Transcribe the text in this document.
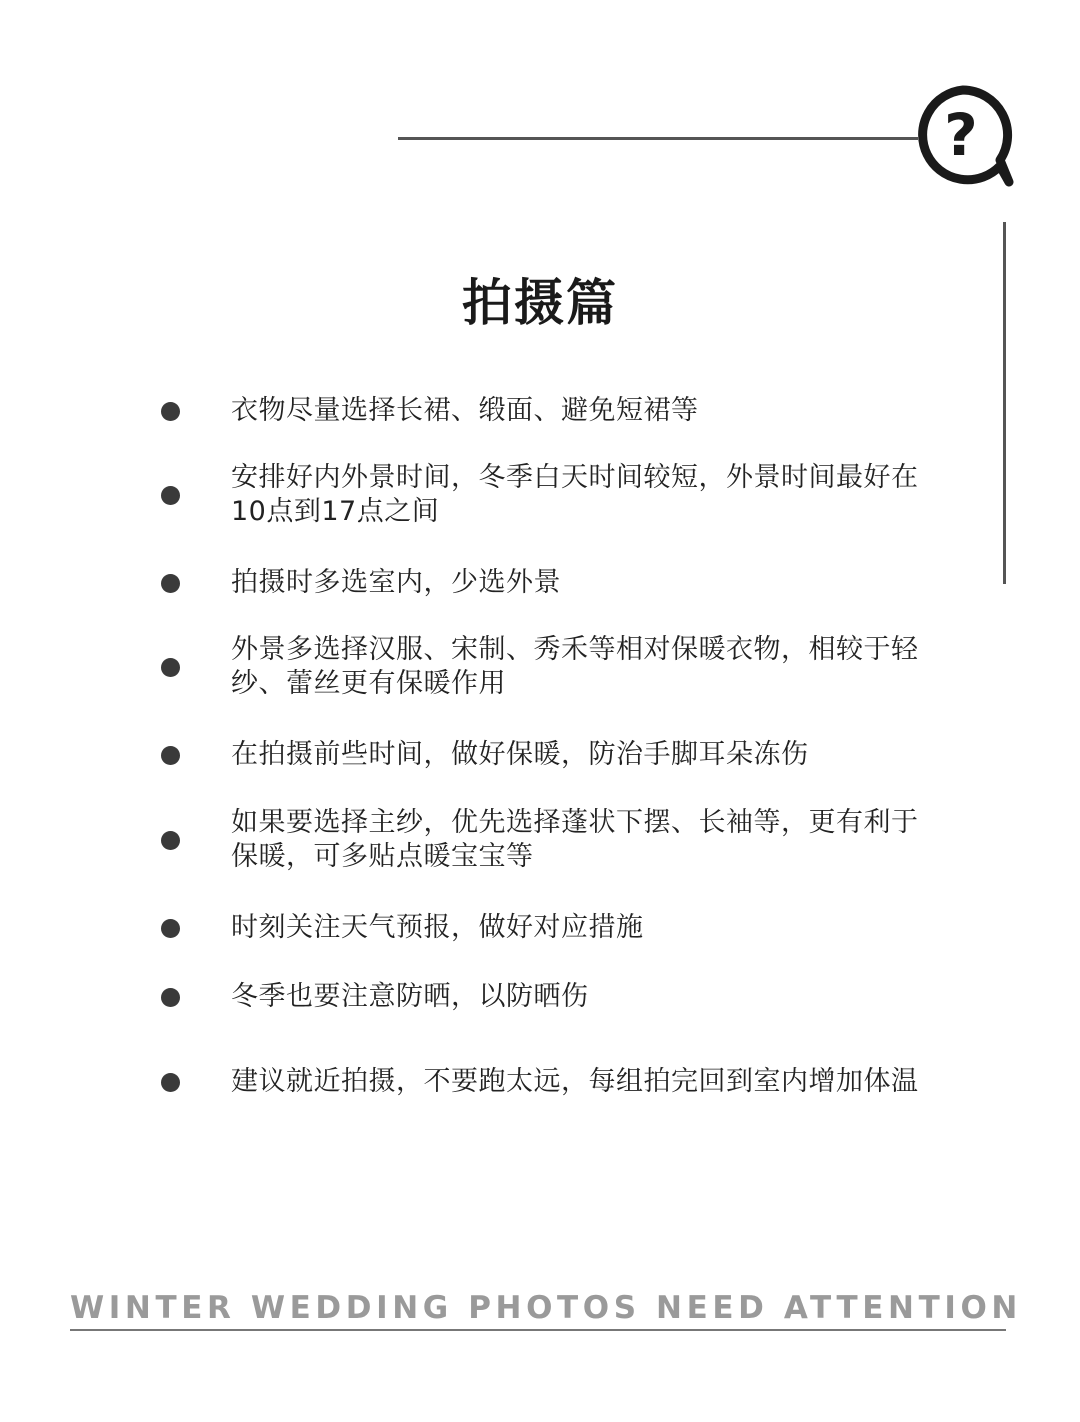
?
拍摄篇
衣物尽量选择长裙、缎面、避免短裙等
安排好内外景时间，冬季白天时间较短，外景时间最好在10点到17点之间
拍摄时多选室内，少选外景
外景多选择汉服、宋制、秀禾等相对保暖衣物，相较于轻纱、蕾丝更有保暖作用
在拍摄前些时间，做好保暖，防治手脚耳朵冻伤
如果要选择主纱，优先选择蓬状下摆、长袖等，更有利于保暖，可多贴点暖宝宝等
时刻关注天气预报，做好对应措施
冬季也要注意防晒，以防晒伤
建议就近拍摄，不要跑太远，每组拍完回到室内增加体温
WINTER WEDDING PHOTOS NEED ATTENTION
